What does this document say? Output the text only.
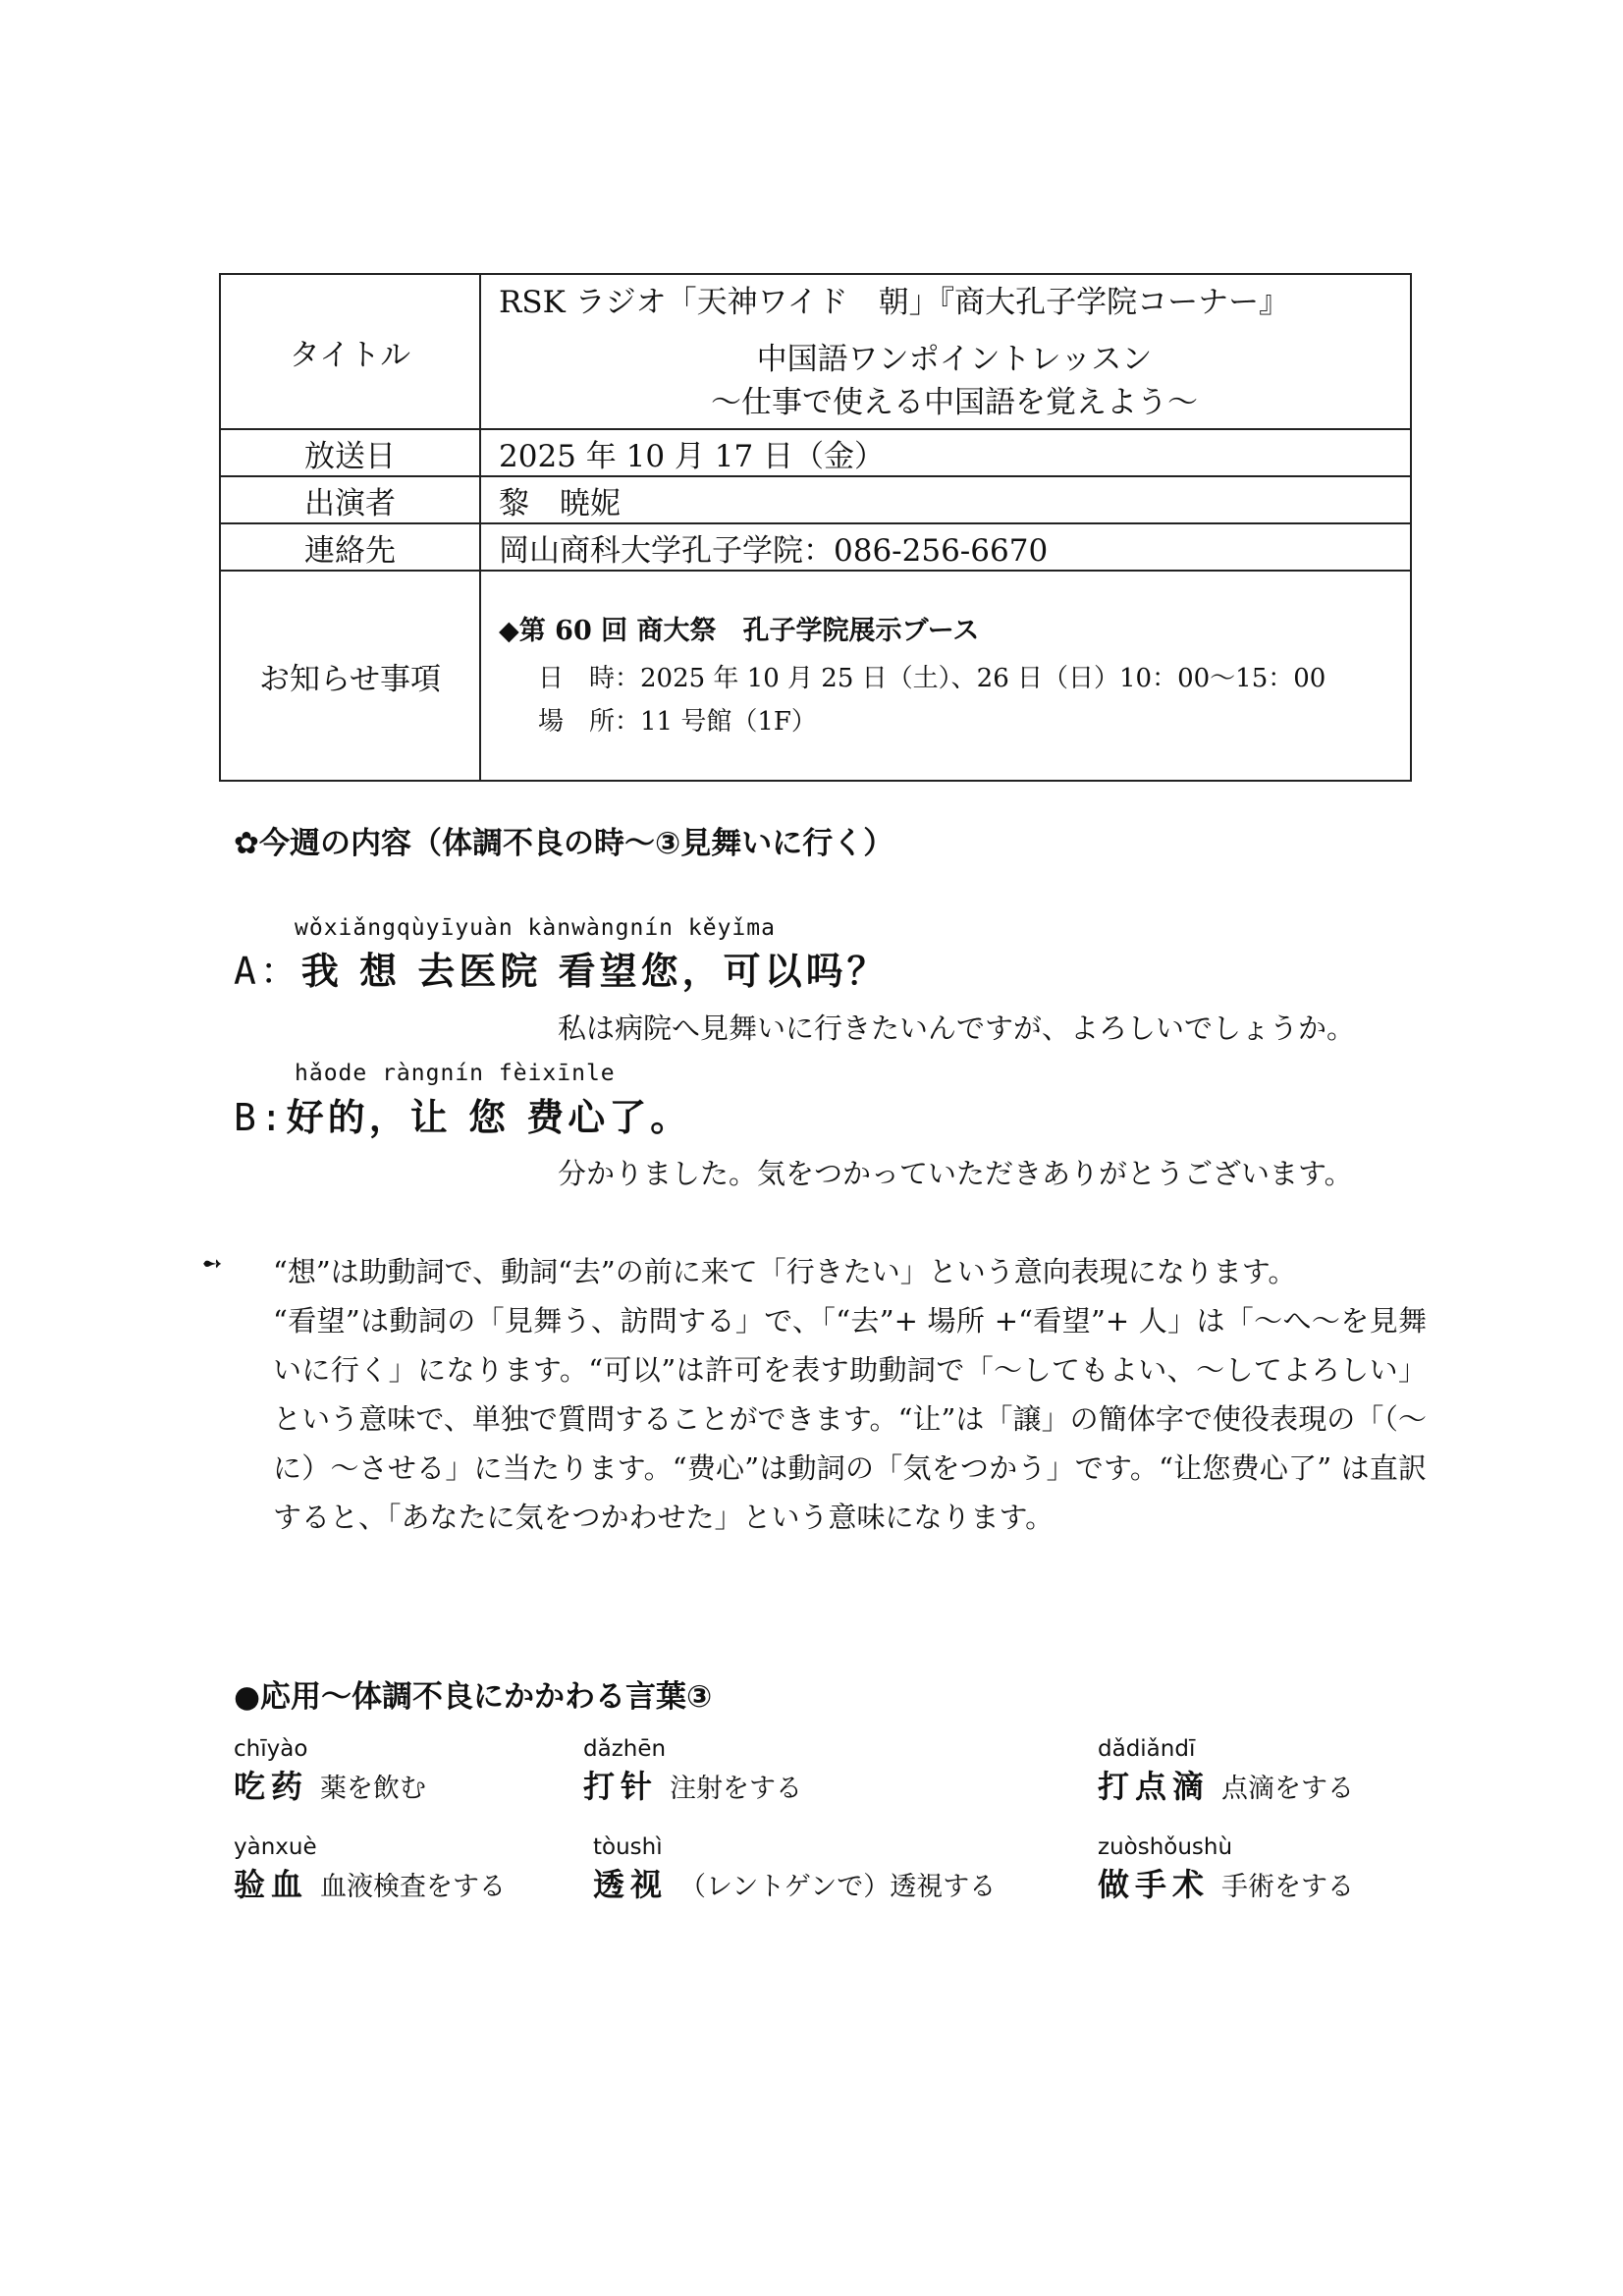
タイトル	RSK ラジオ「天神ワイド　朝」『商大孔子学院コーナー』
中国語ワンポイントレッスン
〜仕事で使える中国語を覚えよう〜

放送日	2025 年 10 月 17 日（金）
出演者	黎　暁妮
連絡先	岡山商科大学孔子学院：086-256-6670
お知らせ事項	◆第 60 回 商大祭　孔子学院展示ブース
日　時：2025 年 10 月 25 日（土）、26 日（日）10：00〜15：00
場　所：11 号館（1F）
✿今週の内容（体調不良の時〜③見舞いに行く）
wǒxiǎngqùyīyuàn kànwàngnín kěyǐma
A：我 想 去医院 看望您，可以吗？
私は病院へ見舞いに行きたいんですが、よろしいでしょうか。
hǎode ràngnín fèixīnle
B:好的，让 您 费心了。
分かりました。気をつかっていただきありがとうございます。
➻ “想”は助動詞で、動詞“去”の前に来て「行きたい」という意向表現になります。
“看望”は動詞の「見舞う、訪問する」で、「“去”+ 場所 +“看望”+ 人」は「〜へ〜を見舞いに行く」になります。“可以”は許可を表す助動詞で「〜してもよい、〜してよろしい」という意味で、単独で質問することができます。“让”は「譲」の簡体字で使役表現の「（〜に）〜させる」に当たります。“费心”は動詞の「気をつかう」です。“让您费心了” は直訳すると、「あなたに気をつかわせた」という意味になります。
●応用〜体調不良にかかわる言葉③
chīyào
吃药 薬を飲む
dǎzhēn
打针 注射をする
dǎdiǎndī
打点滴 点滴をする
yànxuè
验血 血液検査をする
tòushì
透视 （レントゲンで）透視する
zuòshǒushù
做手术 手術をする
